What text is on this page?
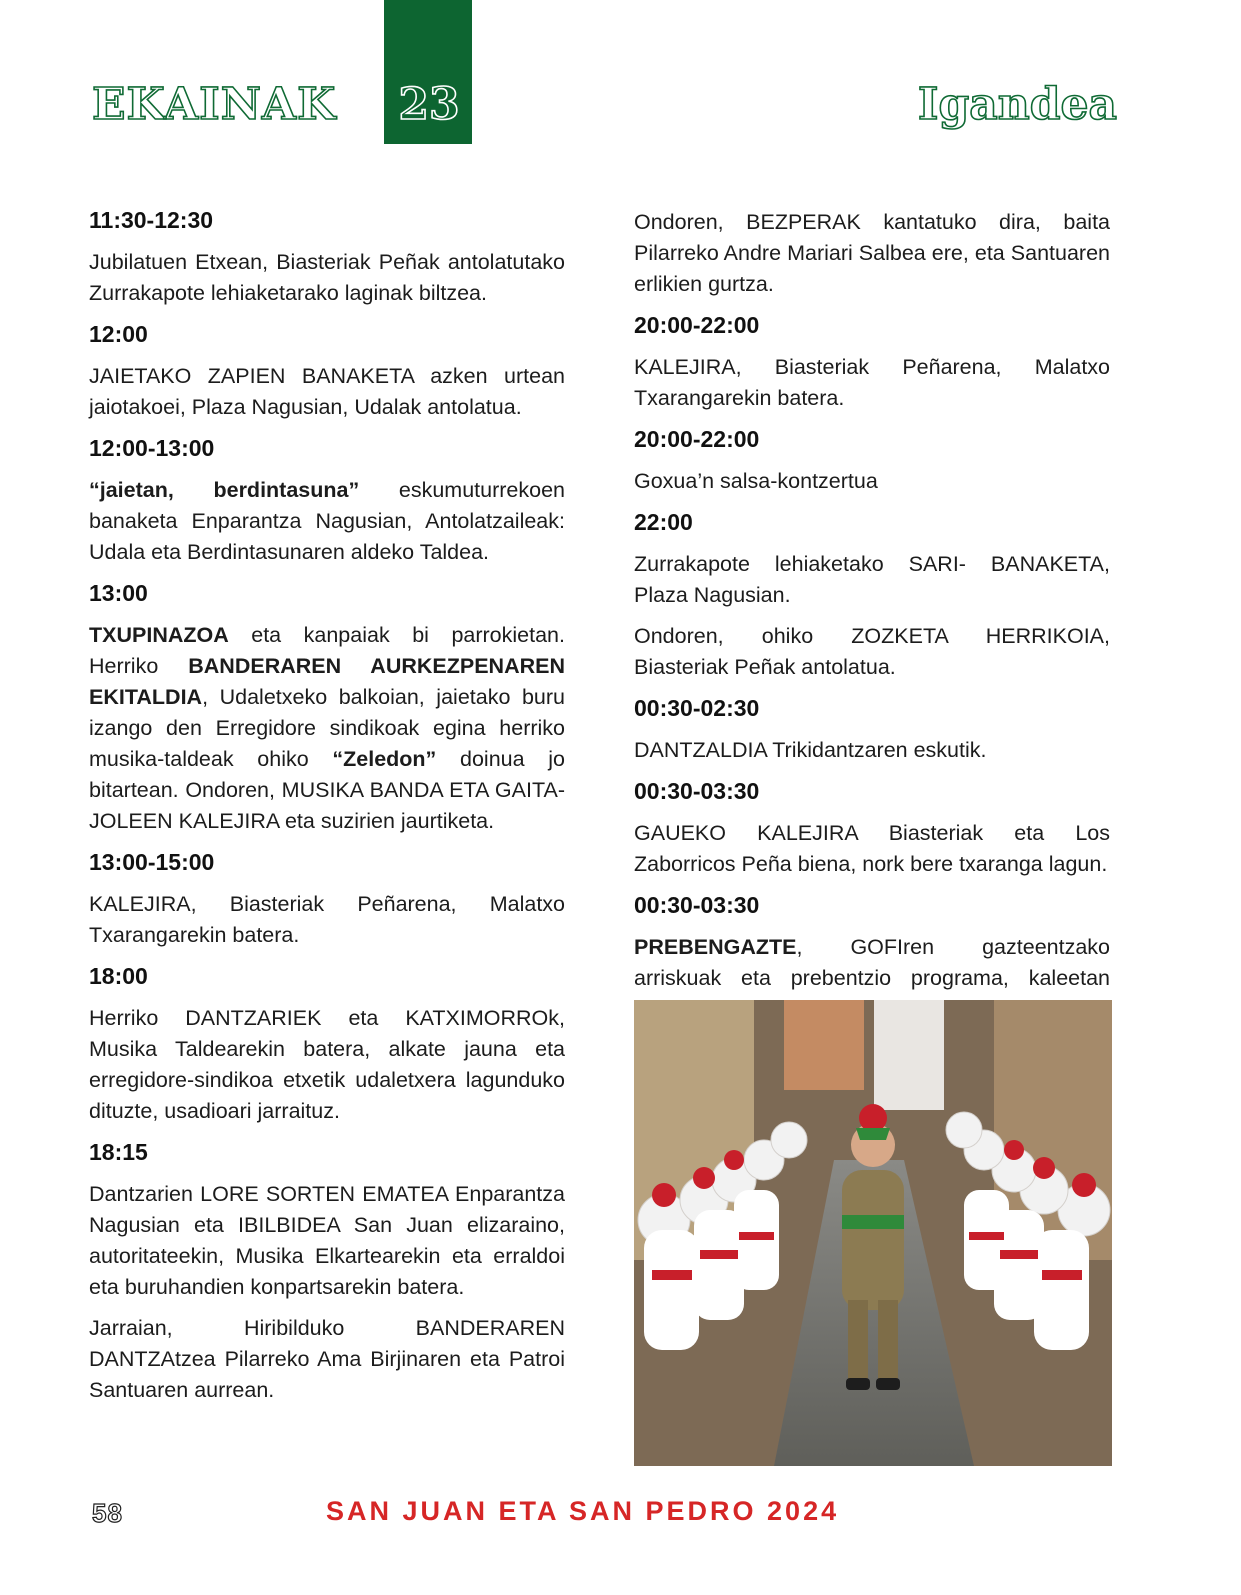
EKAINAK 23	Igandea
11:30-12:30
Jubilatuen Etxean, Biasteriak Peñak antolatutako Zurrakapote lehiaketarako laginak biltzea.
12:00
JAIETAKO ZAPIEN BANAKETA azken urtean jaiotakoei, Plaza Nagusian, Udalak antolatua.
12:00-13:00
“jaietan, berdintasuna” eskumuturrekoen banaketa Enparantza Nagusian, Antolatzaileak: Udala eta Berdintasunaren aldeko Taldea.
13:00
TXUPINAZOA eta kanpaiak bi parrokietan. Herriko BANDERAREN AURKEZPENAREN EKITALDIA, Udaletxeko balkoian, jaietako buru izango den Erregidore sindikoak egina herriko musika-taldeak ohiko “Zeledon” doinua jo bitartean. Ondoren, MUSIKA BANDA ETA GAITA-JOLEEN KALEJIRA eta suzirien jaurtiketa.
13:00-15:00
KALEJIRA, Biasteriak Peñarena, Malatxo Txarangarekin batera.
18:00
Herriko DANTZARIEK eta KATXIMORROk, Musika Taldearekin batera, alkate jauna eta erregidore-sindikoa etxetik udaletxera lagunduko dituzte, usadioari jarraituz.
18:15
Dantzarien LORE SORTEN EMATEA Enparantza Nagusian eta IBILBIDEA San Juan elizaraino, autoritateekin, Musika Elkartearekin eta erraldoi eta buruhandien konpartsarekin batera.
Jarraian, Hiribilduko BANDERAREN DANTZAtzea Pilarreko Ama Birjinaren eta Patroi Santuaren aurrean.
Ondoren, BEZPERAK kantatuko dira, baita Pilarreko Andre Mariari Salbea ere, eta Santuaren erlikien gurtza.
20:00-22:00
KALEJIRA, Biasteriak Peñarena, Malatxo Txarangarekin batera.
20:00-22:00
Goxua’n salsa-kontzertua
22:00
Zurrakapote lehiaketako SARI- BANAKETA, Plaza Nagusian.
Ondoren, ohiko ZOZKETA HERRIKOIA, Biasteriak Peñak antolatua.
00:30-02:30
DANTZALDIA Trikidantzaren eskutik.
00:30-03:30
GAUEKO KALEJIRA Biasteriak eta Los Zaborricos Peña biena, nork bere txaranga lagun.
00:30-03:30
PREBENGAZTE, GOFIren gazteentzako arriskuak eta prebentzio programa, kaleetan
58	SAN JUAN ETA SAN PEDRO 2024
